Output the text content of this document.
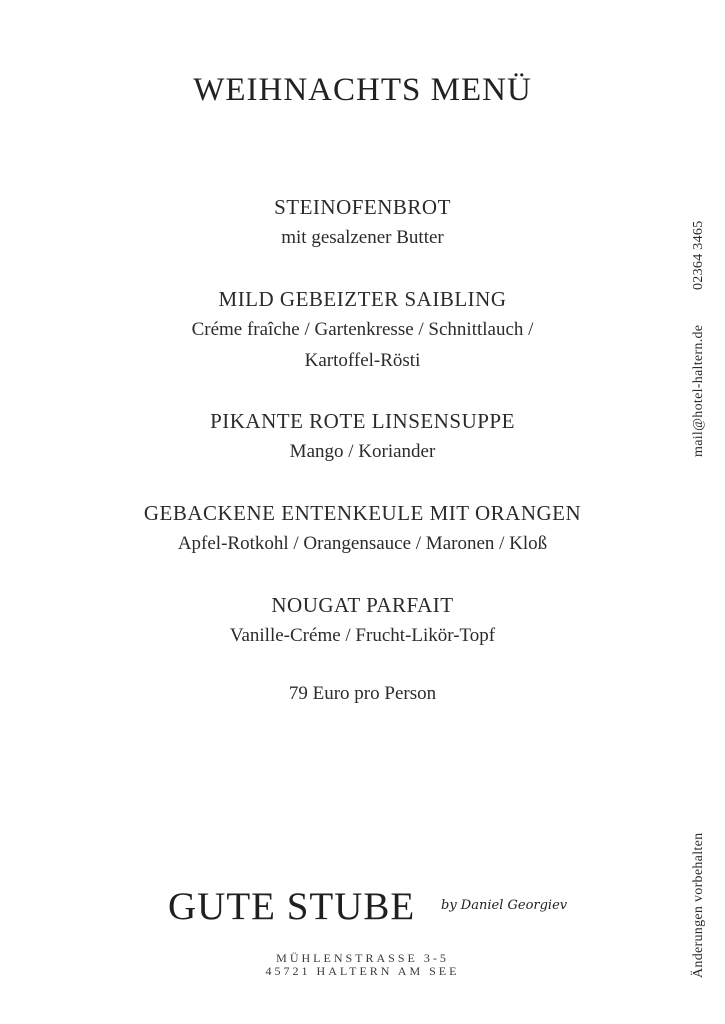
WEIHNACHTS MENÜ
STEINOFENBROT
mit gesalzener Butter
MILD GEBEIZTER SAIBLING
Créme fraîche / Gartenkresse / Schnittlauch /
Kartoffel-Rösti
PIKANTE ROTE LINSENSUPPE
Mango / Koriander
GEBACKENE ENTENKEULE MIT ORANGEN
Apfel-Rotkohl / Orangensauce / Maronen / Kloß
NOUGAT PARFAIT
Vanille-Créme / Frucht-Likör-Topf
79 Euro pro Person
mail@hotel-haltern.de
02364 3465
Änderungen vorbehalten
GUTE STUBE by Daniel Georgiev
MÜHLENSTRASSE 3-5
45721 HALTERN AM SEE
